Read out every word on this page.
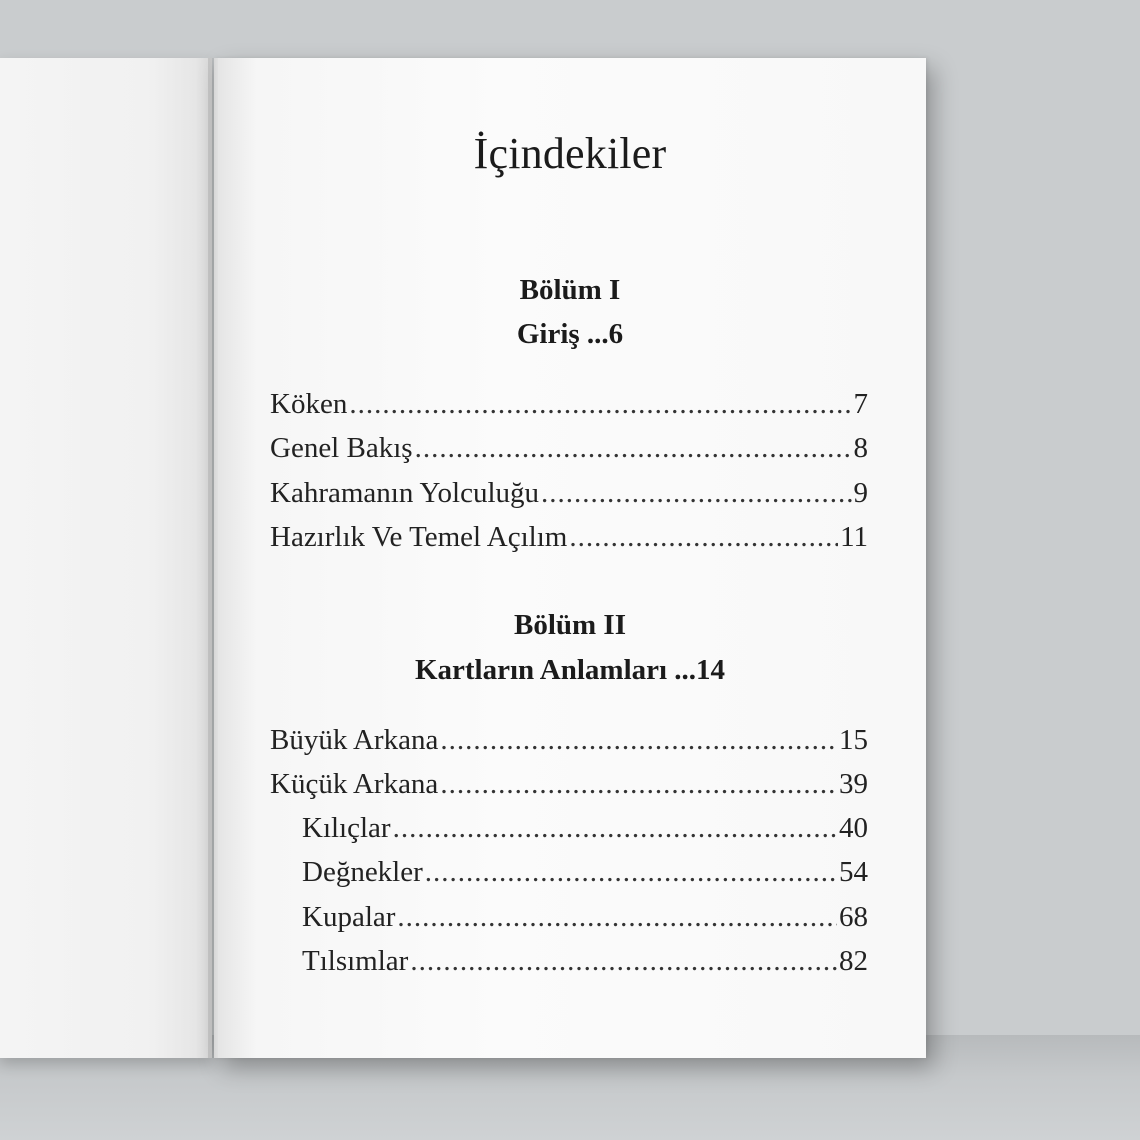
İçindekiler
Bölüm I
Giriş ...6
Köken .....	7
Genel Bakış .....	8
Kahramanın Yolculuğu .....	9
Hazırlık Ve Temel Açılım .....	11
Bölüm II
Kartların Anlamları ...14
Büyük Arkana .....	15
Küçük Arkana .....	39
Kılıçlar .....	40
Değnekler .....	54
Kupalar .....	68
Tılsımlar .....	82
